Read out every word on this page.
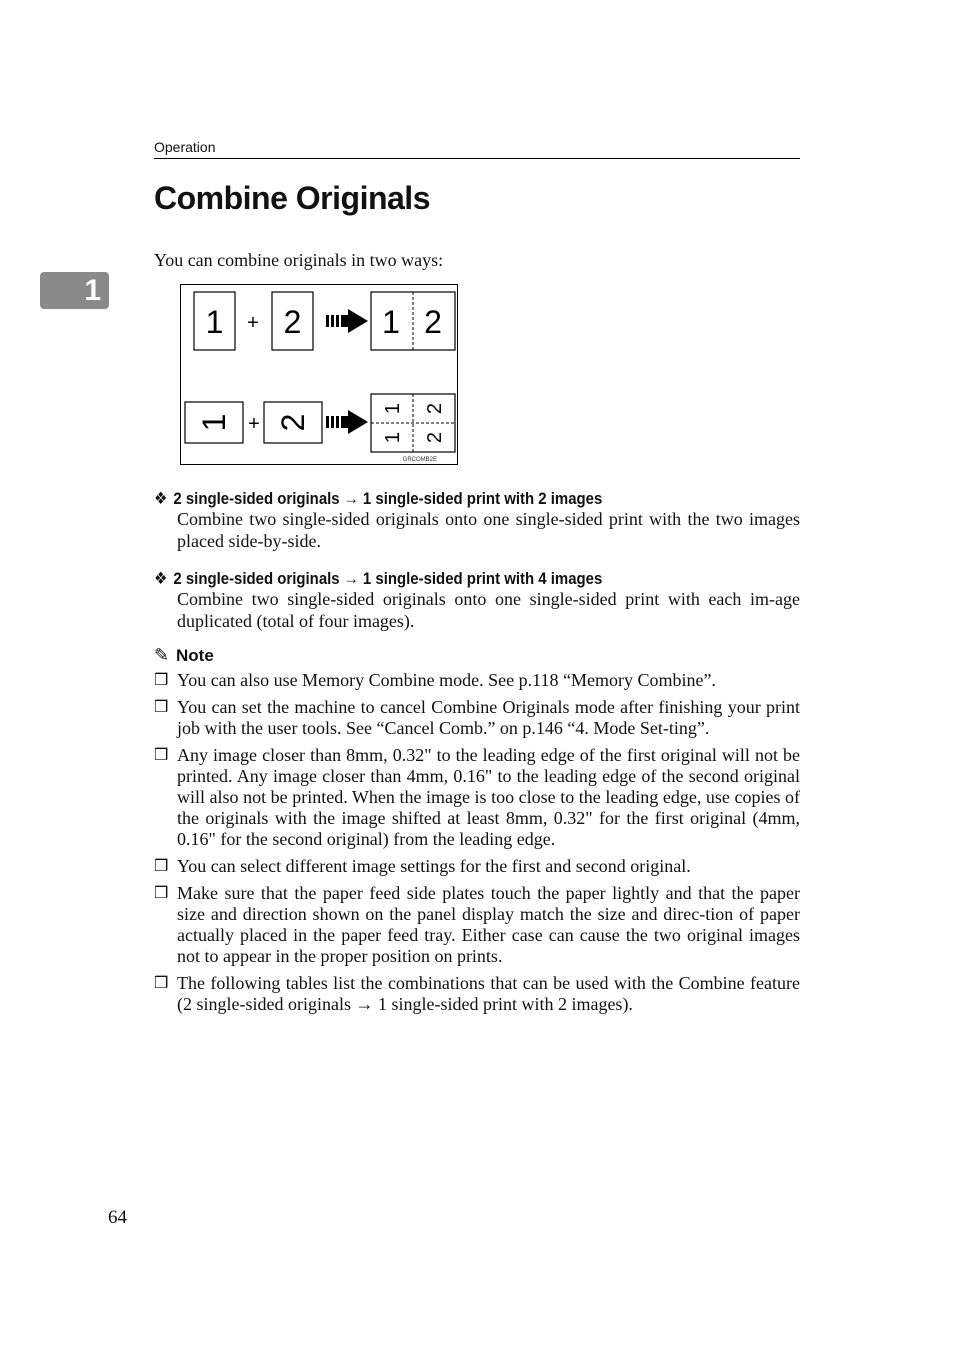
Operation
1
Combine Originals
You can combine originals in two ways:
1 + 2	1 2
1 + 2
1 2
1 2
GRCOMB2E
❖ 2 single-sided originals → 1 single-sided print with 2 images
Combine two single-sided originals onto one single-sided print with the two images placed side-by-side.
❖ 2 single-sided originals → 1 single-sided print with 4 images
Combine two single-sided originals onto one single-sided print with each im-age duplicated (total of four images).
✎ Note
❒ You can also use Memory Combine mode. See p.118 “Memory Combine”.
❒ You can set the machine to cancel Combine Originals mode after finishing your print job with the user tools. See “Cancel Comb.” on p.146 “4. Mode Set-ting”.
❒ Any image closer than 8mm, 0.32" to the leading edge of the first original will not be printed. Any image closer than 4mm, 0.16" to the leading edge of the second original will also not be printed. When the image is too close to the leading edge, use copies of the originals with the image shifted at least 8mm, 0.32" for the first original (4mm, 0.16" for the second original) from the leading edge.
❒ You can select different image settings for the first and second original.
❒ Make sure that the paper feed side plates touch the paper lightly and that the paper size and direction shown on the panel display match the size and direc-tion of paper actually placed in the paper feed tray. Either case can cause the two original images not to appear in the proper position on prints.
❒ The following tables list the combinations that can be used with the Combine feature (2 single-sided originals → 1 single-sided print with 2 images).
64
